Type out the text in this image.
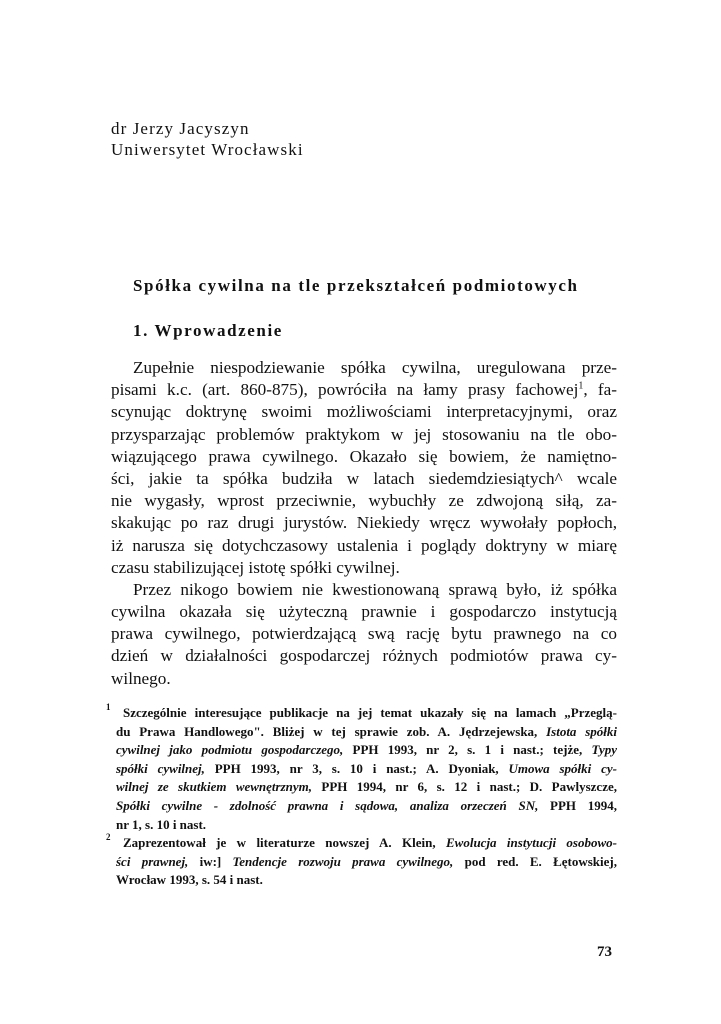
dr Jerzy Jacyszyn
Uniwersytet Wrocławski
Spółka cywilna na tle przekształceń podmiotowych
1. Wprowadzenie
Zupełnie niespodziewanie spółka cywilna, uregulowana prze-
pisami k.c. (art. 860-875), powróciła na łamy prasy fachowej$^1$, fa-
scynując doktrynę swoimi możliwościami interpretacyjnymi, oraz
przysparzając problemów praktykom w jej stosowaniu na tle obo-
wiązującego prawa cywilnego. Okazało się bowiem, że namiętno-
ści, jakie ta spółka budziła w latach siedemdziesiątych^ wcale
nie wygasły, wprost przeciwnie, wybuchły ze zdwojoną siłą, za-
skakując po raz drugi jurystów. Niekiedy wręcz wywołały popłoch,
iż narusza się dotychczasowy ustalenia i poglądy doktryny w miarę
czasu stabilizującej istotę spółki cywilnej.
Przez nikogo bowiem nie kwestionowaną sprawą było, iż spółka
cywilna okazała się użyteczną prawnie i gospodarczo instytucją
prawa cywilnego, potwierdzającą swą rację bytu prawnego na co
dzień w działalności gospodarczej różnych podmiotów prawa cy-
wilnego.
1 Szczególnie interesujące publikacje na jej temat ukazały się na lamach „Przeglą-
du Prawa Handlowego". Bliżej w tej sprawie zob. A. Jędrzejewska, Istota spółki
cywilnej jako podmiotu gospodarczego, PPH 1993, nr 2, s. 1 i nast.; tejże, Typy
spółki cywilnej, PPH 1993, nr 3, s. 10 i nast.; A. Dyoniak, Umowa spółki cy-
wilnej ze skutkiem wewnętrznym, PPH 1994, nr 6, s. 12 i nast.; D. Pawlyszcze,
Spółki cywilne - zdolność prawna i sądowa, analiza orzeczeń SN, PPH 1994,
nr 1, s. 10 i nast.
2 Zaprezentował je w literaturze nowszej A. Klein, Ewolucja instytucji osobowo-
ści prawnej, iw:] Tendencje rozwoju prawa cywilnego, pod red. E. Łętowskiej,
Wrocław 1993, s. 54 i nast.
73
